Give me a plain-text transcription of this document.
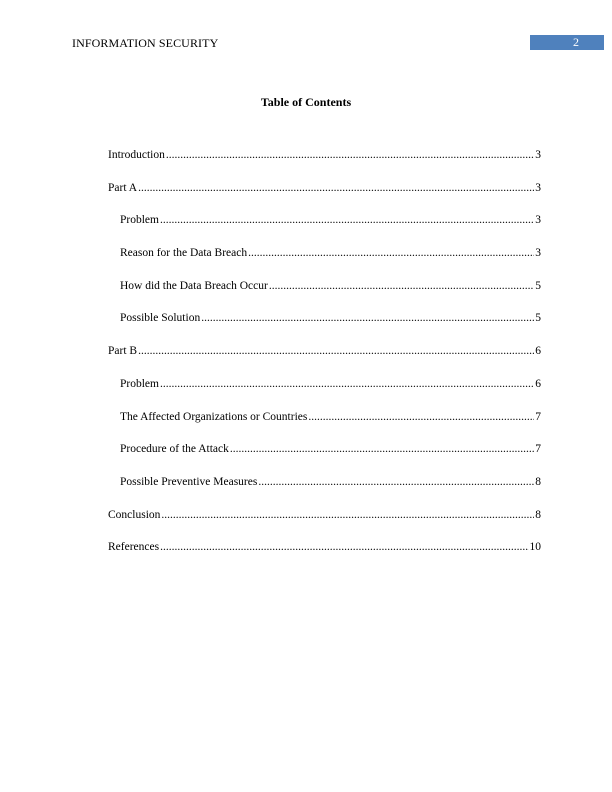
INFORMATION SECURITY	2
Table of Contents
Introduction .....	3
Part A .....	3
Problem .....	3
Reason for the Data Breach .....	3
How did the Data Breach Occur .....	5
Possible Solution .....	5
Part B .....	6
Problem .....	6
The Affected Organizations or Countries .....	7
Procedure of the Attack .....	7
Possible Preventive Measures .....	8
Conclusion .....	8
References .....	10
